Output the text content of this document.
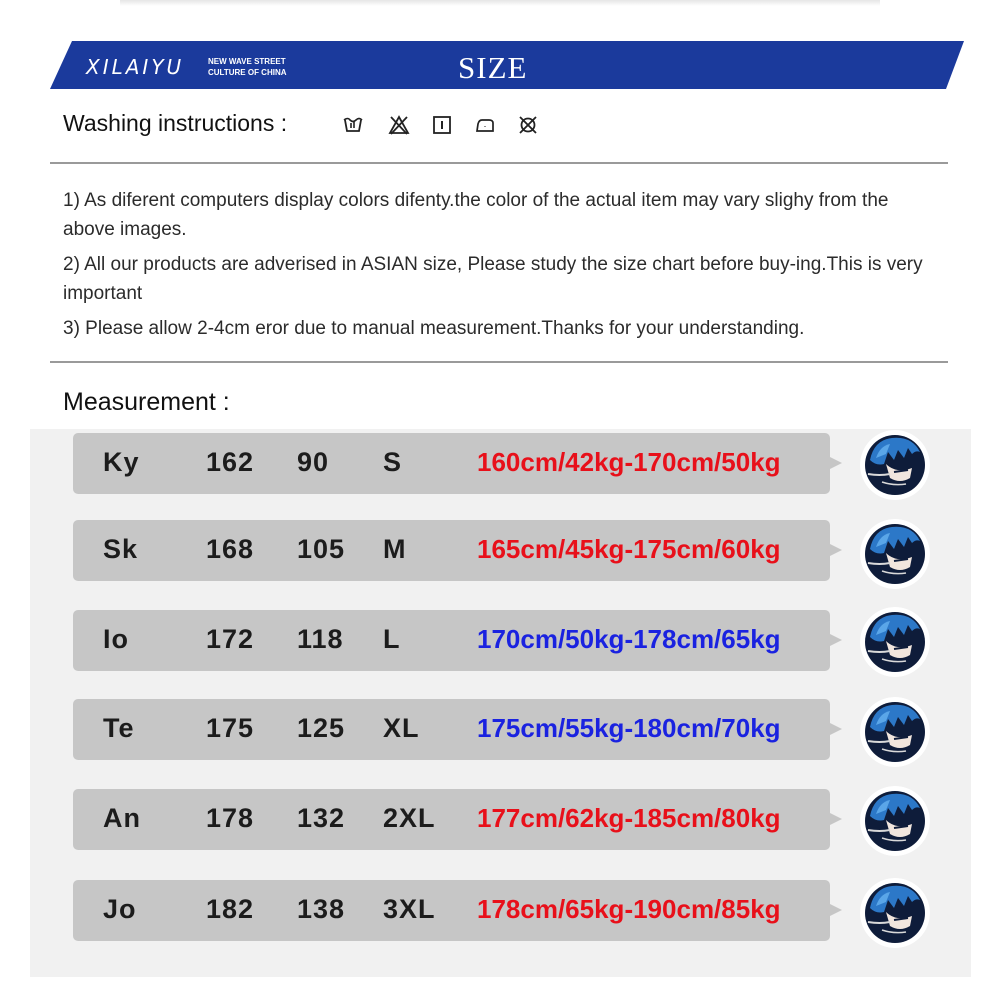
XILAIYU	NEW WAVE STREET
CULTURE OF CHINA	SIZE
Washing instructions :

1) As diferent computers display colors difenty.the color of the actual item may vary slighy from the above images.

2) All our products are adverised in ASIAN size, Please study the size chart before buy-ing.This is very important

3) Please allow 2-4cm eror due to manual measurement.Thanks for your understanding.

Measurement :
Ky 162 90 S	160cm/42kg-170cm/50kg
Sk	168 105 M	165cm/45kg-175cm/60kg
Io	172 118 L	170cm/50kg-178cm/65kg
Te	175 125 XL 175cm/55kg-180cm/70kg
An 178 132 2XL 177cm/62kg-185cm/80kg
Jo	182 138 3XL 178cm/65kg-190cm/85kg
